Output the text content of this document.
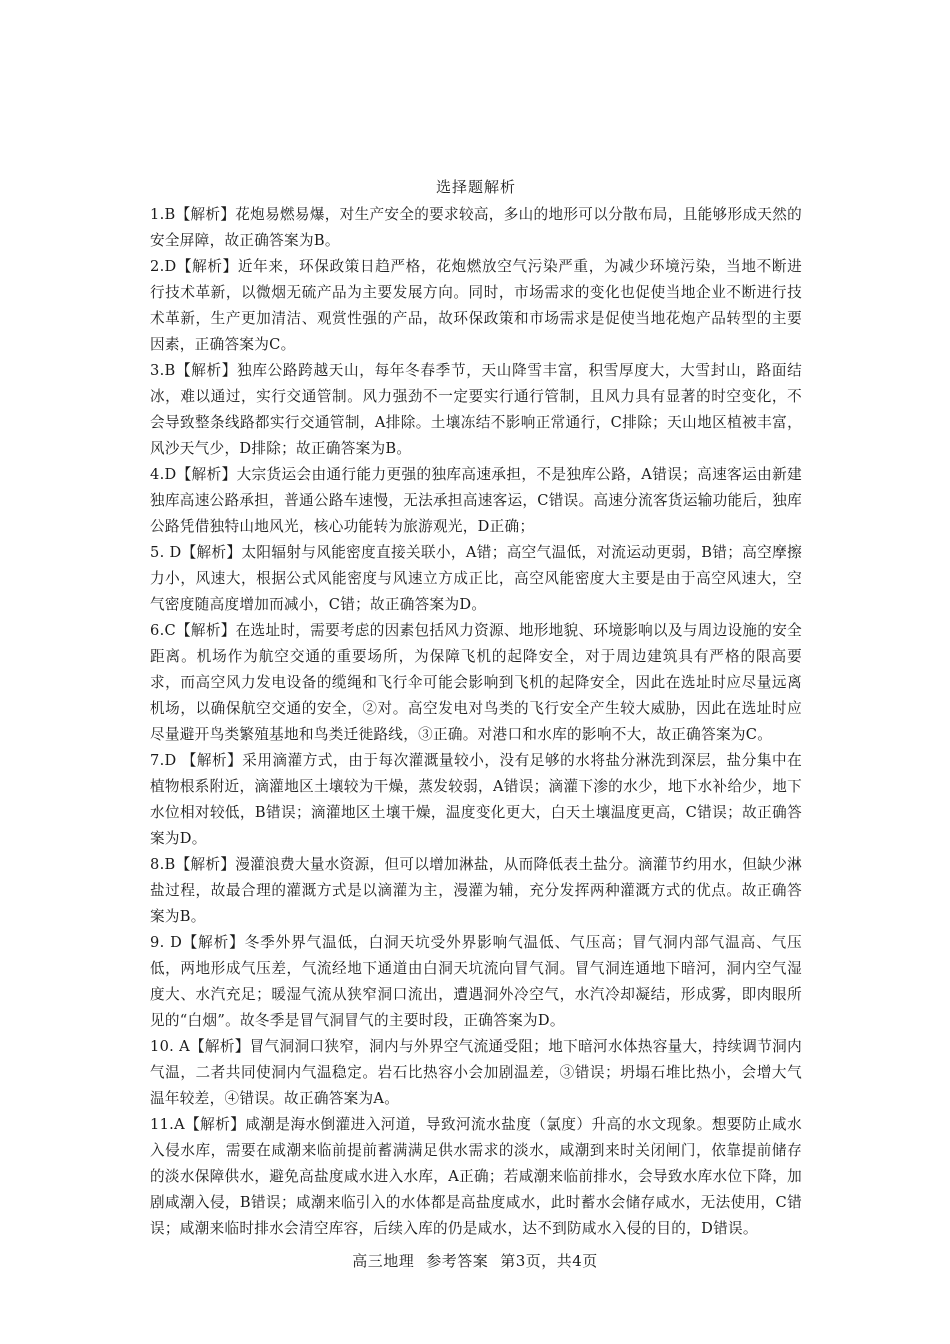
选择题解析

1.B【解析】花炮易燃易爆，对生产安全的要求较高，多山的地形可以分散布局，且能够形成天然的安全屏障，故正确答案为B。

2.D【解析】近年来，环保政策日趋严格，花炮燃放空气污染严重，为减少环境污染，当地不断进行技术革新，以微烟无硫产品为主要发展方向。同时，市场需求的变化也促使当地企业不断进行技术革新，生产更加清洁、观赏性强的产品，故环保政策和市场需求是促使当地花炮产品转型的主要因素，正确答案为C。

3.B【解析】独库公路跨越天山，每年冬春季节，天山降雪丰富，积雪厚度大，大雪封山，路面结冰，难以通过，实行交通管制。风力强劲不一定要实行通行管制，且风力具有显著的时空变化，不会导致整条线路都实行交通管制，A排除。土壤冻结不影响正常通行，C排除；天山地区植被丰富，风沙天气少，D排除；故正确答案为B。

4.D【解析】大宗货运会由通行能力更强的独库高速承担，不是独库公路，A错误；高速客运由新建独库高速公路承担，普通公路车速慢，无法承担高速客运，C错误。高速分流客货运输功能后，独库公路凭借独特山地风光，核心功能转为旅游观光，D正确；

5. D【解析】太阳辐射与风能密度直接关联小，A错；高空气温低，对流运动更弱，B错；高空摩擦力小，风速大，根据公式风能密度与风速立方成正比，高空风能密度大主要是由于高空风速大，空气密度随高度增加而减小，C错；故正确答案为D。

6.C【解析】在选址时，需要考虑的因素包括风力资源、地形地貌、环境影响以及与周边设施的安全距离。机场作为航空交通的重要场所，为保障飞机的起降安全，对于周边建筑具有严格的限高要求，而高空风力发电设备的缆绳和飞行伞可能会影响到飞机的起降安全，因此在选址时应尽量远离机场，以确保航空交通的安全，②对。高空发电对鸟类的飞行安全产生较大威胁，因此在选址时应尽量避开鸟类繁殖基地和鸟类迁徙路线，③正确。对港口和水库的影响不大，故正确答案为C。

7.D 【解析】采用滴灌方式，由于每次灌溉量较小，没有足够的水将盐分淋洗到深层，盐分集中在植物根系附近，滴灌地区土壤较为干燥，蒸发较弱，A错误；滴灌下渗的水少，地下水补给少，地下水位相对较低，B错误；滴灌地区土壤干燥，温度变化更大，白天土壤温度更高，C错误；故正确答案为D。

8.B【解析】漫灌浪费大量水资源，但可以增加淋盐，从而降低表土盐分。滴灌节约用水，但缺少淋盐过程，故最合理的灌溉方式是以滴灌为主，漫灌为辅，充分发挥两种灌溉方式的优点。故正确答案为B。

9. D【解析】冬季外界气温低，白洞天坑受外界影响气温低、气压高；冒气洞内部气温高、气压低，两地形成气压差，气流经地下通道由白洞天坑流向冒气洞。冒气洞连通地下暗河，洞内空气湿度大、水汽充足；暖湿气流从狭窄洞口流出，遭遇洞外冷空气，水汽冷却凝结，形成雾，即肉眼所见的“白烟”。故冬季是冒气洞冒气的主要时段，正确答案为D。

10. A【解析】冒气洞洞口狭窄，洞内与外界空气流通受阻；地下暗河水体热容量大，持续调节洞内气温，二者共同使洞内气温稳定。岩石比热容小会加剧温差，③错误；坍塌石堆比热小，会增大气温年较差，④错误。故正确答案为A。

11.A【解析】咸潮是海水倒灌进入河道，导致河流水盐度（氯度）升高的水文现象。想要防止咸水入侵水库，需要在咸潮来临前提前蓄满满足供水需求的淡水，咸潮到来时关闭闸门，依靠提前储存的淡水保障供水，避免高盐度咸水进入水库，A正确；若咸潮来临前排水，会导致水库水位下降，加剧咸潮入侵，B错误；咸潮来临引入的水体都是高盐度咸水，此时蓄水会储存咸水，无法使用，C错误；咸潮来临时排水会清空库容，后续入库的仍是咸水，达不到防咸水入侵的目的，D错误。

高三地理 参考答案 第3页，共4页
